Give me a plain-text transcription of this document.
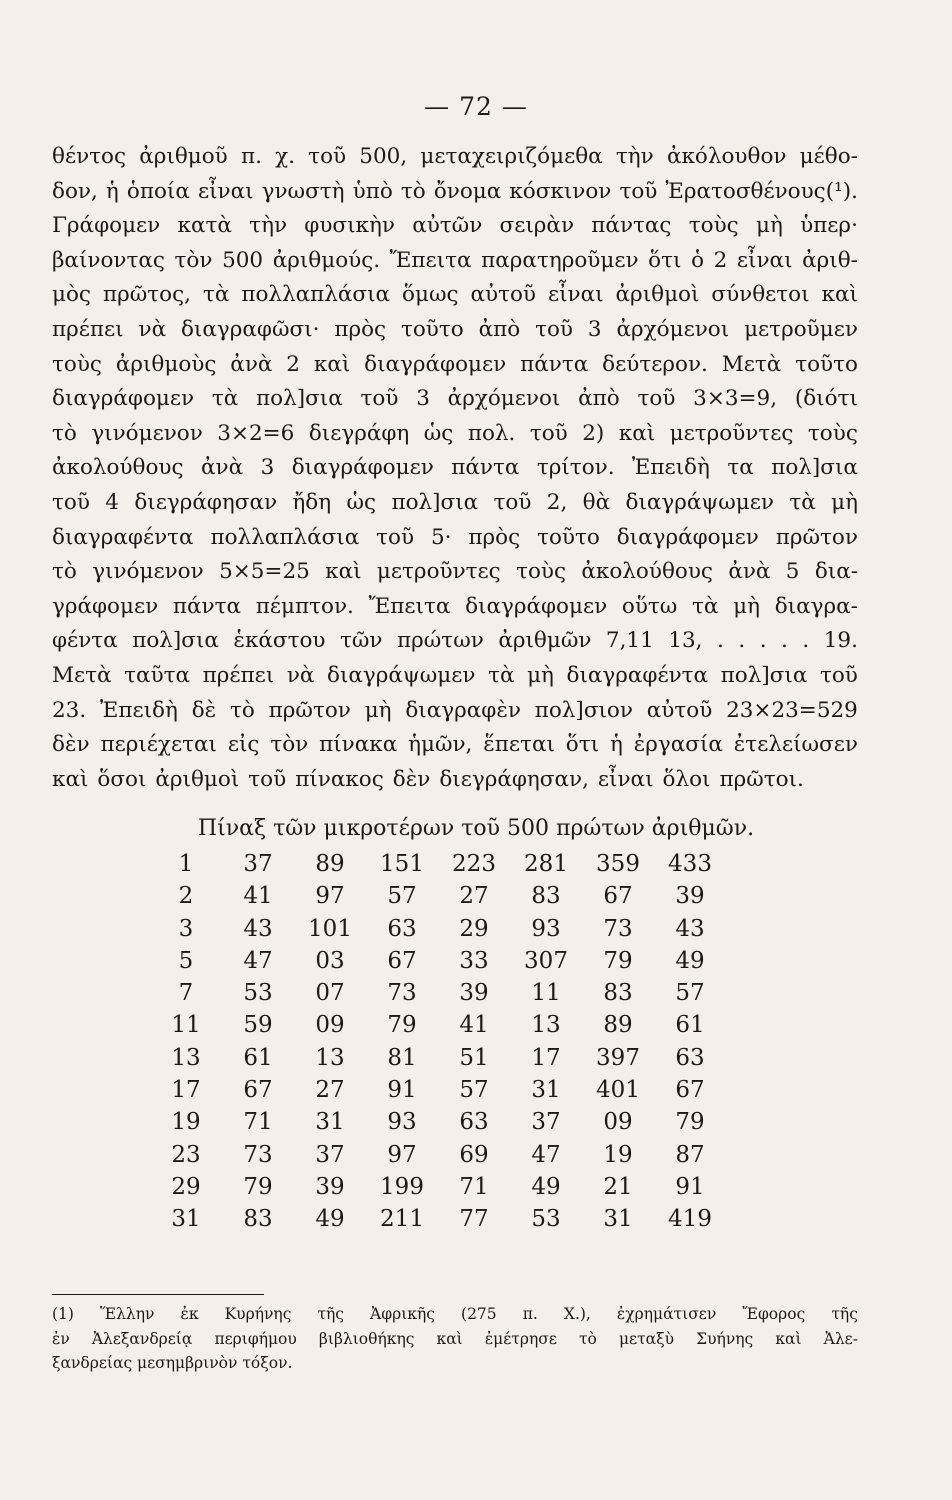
— 72 —
θέντος ἀριθμοῦ π. χ. τοῦ 500, μεταχειριζόμεθα τὴν ἀκόλουθον μέθο-
δον, ἡ ὁποία εἶναι γνωστὴ ὑπὸ τὸ ὄνομα κόσκινον τοῦ Ἐρατοσθένους(¹).
Γράφομεν κατὰ τὴν φυσικὴν αὐτῶν σειρὰν πάντας τοὺς μὴ ὑπερ·
βαίνοντας τὸν 500 ἀριθμούς. Ἔπειτα παρατηροῦμεν ὅτι ὁ 2 εἶναι ἀριθ-
μὸς πρῶτος, τὰ πολλαπλάσια ὅμως αὐτοῦ εἶναι ἀριθμοὶ σύνθετοι καὶ
πρέπει νὰ διαγραφῶσι· πρὸς τοῦτο ἀπὸ τοῦ 3 ἀρχόμενοι μετροῦμεν
τοὺς ἀριθμοὺς ἀνὰ 2 καὶ διαγράφομεν πάντα δεύτερον. Μετὰ τοῦτο
διαγράφομεν τὰ πολ]σια τοῦ 3 ἀρχόμενοι ἀπὸ τοῦ 3×3=9, (διότι
τὸ γινόμενον 3×2=6 διεγράφη ὡς πολ. τοῦ 2) καὶ μετροῦντες τοὺς
ἀκολούθους ἀνὰ 3 διαγράφομεν πάντα τρίτον. Ἐπειδὴ τα πολ]σια
τοῦ 4 διεγράφησαν ἤδη ὡς πολ]σια τοῦ 2, θὰ διαγράψωμεν τὰ μὴ
διαγραφέντα πολλαπλάσια τοῦ 5· πρὸς τοῦτο διαγράφομεν πρῶτον
τὸ γινόμενον 5×5=25 καὶ μετροῦντες τοὺς ἀκολούθους ἀνὰ 5 δια-
γράφομεν πάντα πέμπτον. Ἔπειτα διαγράφομεν οὕτω τὰ μὴ διαγρα-
φέντα πολ]σια ἑκάστου τῶν πρώτων ἀριθμῶν 7,11 13, . . . . . 19.
Μετὰ ταῦτα πρέπει νὰ διαγράψωμεν τὰ μὴ διαγραφέντα πολ]σια τοῦ
23. Ἐπειδὴ δὲ τὸ πρῶτον μὴ διαγραφὲν πολ]σιον αὐτοῦ 23×23=529
δὲν περιέχεται εἰς τὸν πίνακα ἡμῶν, ἕπεται ὅτι ἡ ἐργασία ἐτελείωσεν
καὶ ὅσοι ἀριθμοὶ τοῦ πίνακος δὲν διεγράφησαν, εἶναι ὅλοι πρῶτοι.
Πίναξ τῶν μικροτέρων τοῦ 500 πρώτων ἀριθμῶν.
1	37	89	151	223	281	359	433
2	41	97	57	27	83	67	39
3	43	101	63	29	93	73	43
5	47	03	67	33	307	79	49
7	53	07	73	39	11	83	57
11	59	09	79	41	13	89	61
13	61	13	81	51	17	397	63
17	67	27	91	57	31	401	67
19	71	31	93	63	37	09	79
23	73	37	97	69	47	19	87
29	79	39	199	71	49	21	91
31	83	49	211	77	53	31	419
(1) Ἕλλην ἐκ Κυρήνης τῆς Ἀφρικῆς (275 π. Χ.), ἐχρημάτισεν Ἔφορος τῆς
ἐν Ἀλεξανδρείᾳ περιφήμου βιβλιοθήκης καὶ ἐμέτρησε τὸ μεταξὺ Συήνης καὶ Ἀλε-
ξανδρείας μεσημβρινὸν τόξον.
